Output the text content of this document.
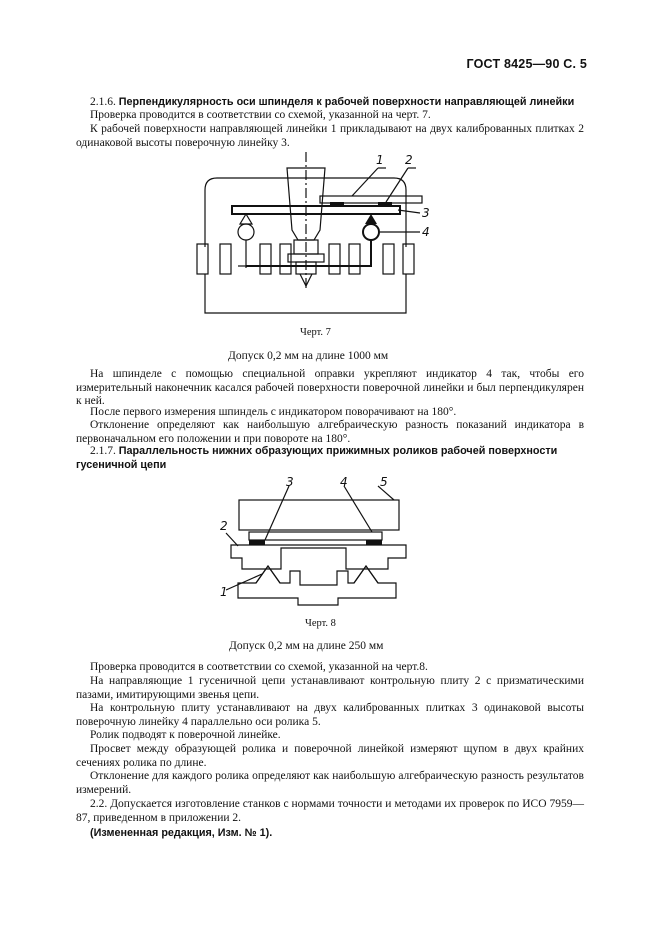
ГОСТ 8425—90 С. 5
2.1.6. Перпендикулярность оси шпинделя к рабочей поверхности направляющей линейки
Проверка проводится в соответствии со схемой, указанной на черт. 7.
К рабочей поверхности направляющей линейки 1 прикладывают на двух калиброванных плитках 2 одинаковой высоты поверочную линейку 3.
1 2
3
4
Черт. 7
Допуск 0,2 мм на длине 1000 мм
На шпинделе с помощью специальной оправки укрепляют индикатор 4 так, чтобы его измерительный наконечник касался рабочей поверхности поверочной линейки и был перпендикулярен к ней.
После первого измерения шпиндель с индикатором поворачивают на 180°.
Отклонение определяют как наибольшую алгебраическую разность показаний индикатора в первоначальном его положении и при повороте на 180°.
2.1.7. Параллельность нижних образующих прижимных роликов рабочей поверхности гусеничной цепи
3	4	5
2
1
Черт. 8
Допуск 0,2 мм на длине 250 мм
Проверка проводится в соответствии со схемой, указанной на черт.8.
На направляющие 1 гусеничной цепи устанавливают контрольную плиту 2 с призматическими пазами, имитирующими звенья цепи.
На контрольную плиту устанавливают на двух калиброванных плитках 3 одинаковой высоты поверочную линейку 4 параллельно оси ролика 5.
Ролик подводят к поверочной линейке.
Просвет между образующей ролика и поверочной линейкой измеряют щупом в двух крайних сечениях ролика по длине.
Отклонение для каждого ролика определяют как наибольшую алгебраическую разность результатов измерений.
2.2. Допускается изготовление станков с нормами точности и методами их проверок по ИСО 7959—87, приведенном в приложении 2.
(Измененная редакция, Изм. № 1).
